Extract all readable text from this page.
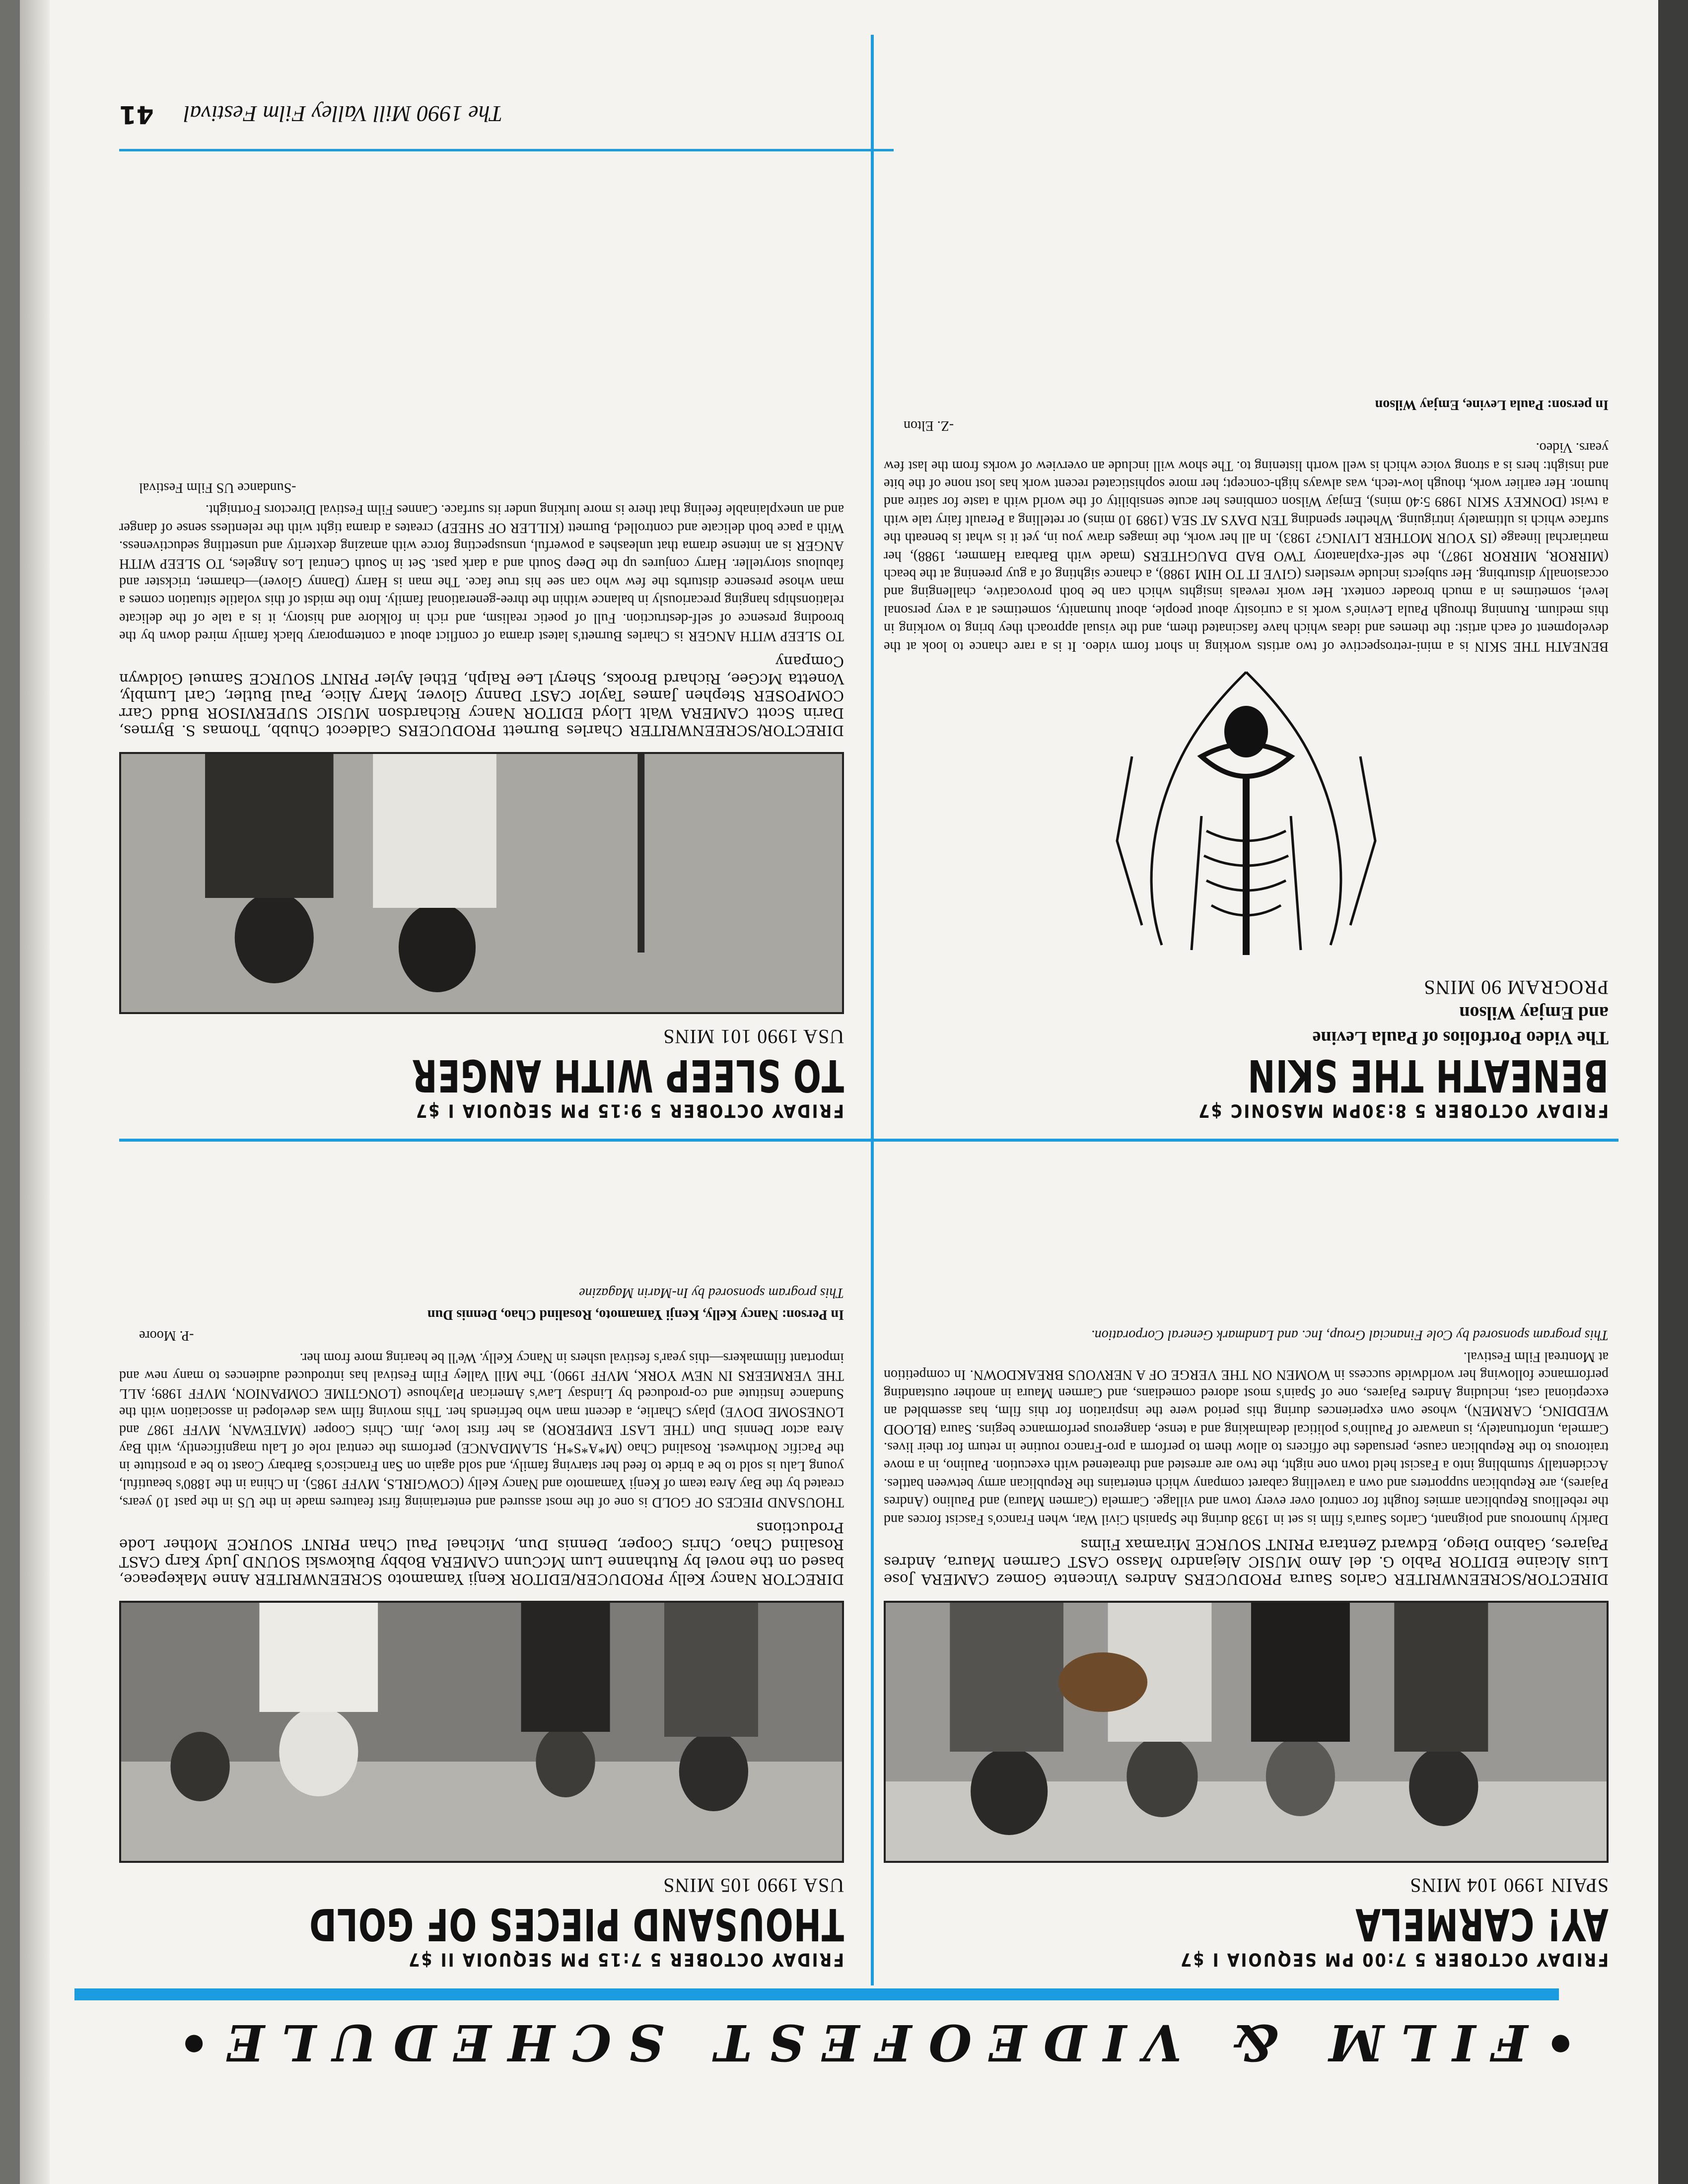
•FILM & VIDEOFEST SCHEDULE•
FRIDAY OCTOBER 5 7:00 PM SEQUOIA I $7
AY! CARMELA
SPAIN 1990 104 MINS
DIRECTOR/SCREENWRITER Carlos Saura PRODUCERS Andres Vincente Gomez CAMERA Jose Luis Alcaine EDITOR Pablo G. del Amo MUSIC Alejandro Masso CAST Carmen Maura, Andres Pajares, Gabino Diego, Edward Zentara PRINT SOURCE Miramax Films

Darkly humorous and poignant, Carlos Saura's film is set in 1938 during the Spanish Civil War, when Franco's Fascist forces and the rebellious Republican armies fought for control over every town and village. Carmela (Carmen Maura) and Paulino (Andres Pajares), are Republican supporters and own a travelling cabaret company which entertains the Republican army between battles. Accidentally stumbling into a Fascist held town one night, the two are arrested and threatened with execution. Paulino, in a move traitorous to the Republican cause, persuades the officers to allow them to perform a pro-Franco routine in return for their lives. Carmela, unfortunately, is unaware of Paulino's political dealmaking and a tense, dangerous performance begins. Saura (BLOOD WEDDING, CARMEN), whose own experiences during this period were the inspiration for this film, has assembled an exceptional cast, including Andres Pajares, one of Spain's most adored comedians, and Carmen Maura in another outstanding performance following her worldwide success in WOMEN ON THE VERGE OF A NERVOUS BREAKDOWN. In competition at Montreal Film Festival.

This program sponsored by Cole Financial Group, Inc. and Landmark General Corporation.
FRIDAY OCTOBER 5 7:15 PM SEQUOIA II $7
THOUSAND PIECES OF GOLD
USA 1990 105 MINS
DIRECTOR Nancy Kelly PRODUCER/EDITOR Kenji Yamamoto SCREENWRITER Anne Makepeace, based on the novel by Ruthanne Lum McCunn CAMERA Bobby Bukowski SOUND Judy Karp CAST Rosalind Chao, Chris Cooper, Dennis Dun, Michael Paul Chan PRINT SOURCE Mother Lode Productions

THOUSAND PIECES OF GOLD is one of the most assured and entertaining first features made in the US in the past 10 years, created by the Bay Area team of Kenji Yamamoto and Nancy Kelly (COWGIRLS, MVFF 1985). In China in the 1880's beautiful, young Lalu is sold to be a bride to feed her starving family, and sold again on San Francisco's Barbary Coast to be a prostitute in the Pacific Northwest. Rosalind Chao (M*A*S*H, SLAMDANCE) performs the central role of Lalu magnificently, with Bay Area actor Dennis Dun (THE LAST EMPEROR) as her first love, Jim. Chris Cooper (MATEWAN, MVFF 1987 and LONESOME DOVE) plays Charlie, a decent man who befriends her. This moving film was developed in association with the Sundance Institute and co-produced by Lindsay Law's American Playhouse (LONGTIME COMPANION, MVFF 1989; ALL THE VERMEERS IN NEW YORK, MVFF 1990). The Mill Valley Film Festival has introduced audiences to many new and important filmmakers—this year's festival ushers in Nancy Kelly. We'll be hearing more from her.

-P. Moore
In Person: Nancy Kelly, Kenji Yamamoto, Rosalind Chao, Dennis Dun
This program sponsored by In-Marin Magazine
FRIDAY OCTOBER 5 8:30PM MASONIC $7
BENEATH THE SKIN
The Video Portfolios of Paula Levine
and Emjay Wilson
PROGRAM 90 MINS

BENEATH THE SKIN is a mini-retrospective of two artists working in short form video. It is a rare chance to look at the development of each artist: the themes and ideas which have fascinated them, and the visual approach they bring to working in this medium. Running through Paula Levine's work is a curiosity about people, about humanity, sometimes at a very personal level, sometimes in a much broader context. Her work reveals insights which can be both provocative, challenging and occasionally disturbing. Her subjects include wrestlers (GIVE IT TO HIM 1988), a chance sighting of a guy preening at the beach (MIRROR, MIRROR 1987), the self-explanatory TWO BAD DAUGHTERS (made with Barbara Hammer, 1988), her matriarchal lineage (IS YOUR MOTHER LIVING? 1983). In all her work, the images draw you in, yet it is what is beneath the surface which is ultimately intriguing. Whether spending TEN DAYS AT SEA (1989 10 mins) or retelling a Perault fairy tale with a twist (DONKEY SKIN 1989 5:40 mins), Emjay Wilson combines her acute sensibility of the world with a taste for satire and humor. Her earlier work, though low-tech, was always high-concept; her more sophisticated recent work has lost none of the bite and insight: hers is a strong voice which is well worth listening to. The show will include an overview of works from the last few years. Video.

-Z. Elton
In person: Paula Levine, Emjay Wilson
FRIDAY OCTOBER 5 9:15 PM SEQUOIA I $7
TO SLEEP WITH ANGER
USA 1990 101 MINS
DIRECTOR/SCREENWRITER Charles Burnett PRODUCERS Caldecot Chubb, Thomas S. Byrnes, Darin Scott CAMERA Walt Lloyd EDITOR Nancy Richardson MUSIC SUPERVISOR Budd Carr COMPOSER Stephen James Taylor CAST Danny Glover, Mary Alice, Paul Butler, Carl Lumbly, Vonetta McGee, Richard Brooks, Sheryl Lee Ralph, Ethel Ayler PRINT SOURCE Samuel Goldwyn Company

TO SLEEP WITH ANGER is Charles Burnett's latest drama of conflict about a contemporary black family mired down by the brooding presence of self-destruction. Full of poetic realism, and rich in folklore and history, it is a tale of the delicate relationships hanging precariously in balance within the three-generational family. Into the midst of this volatile situation comes a man whose presence disturbs the few who can see his true face. The man is Harry (Danny Glover)—charmer, trickster and fabulous storyteller. Harry conjures up the Deep South and a dark past. Set in South Central Los Angeles, TO SLEEP WITH ANGER is an intense drama that unleashes a powerful, unsuspecting force with amazing dexterity and unsettling seductiveness. With a pace both delicate and controlled, Burnett (KILLER OF SHEEP) creates a drama tight with the relentless sense of danger and an unexplainable feeling that there is more lurking under its surface. Cannes Film Festival Directors Fortnight.

-Sundance US Film Festival
The 1990 Mill Valley Film Festival
41
